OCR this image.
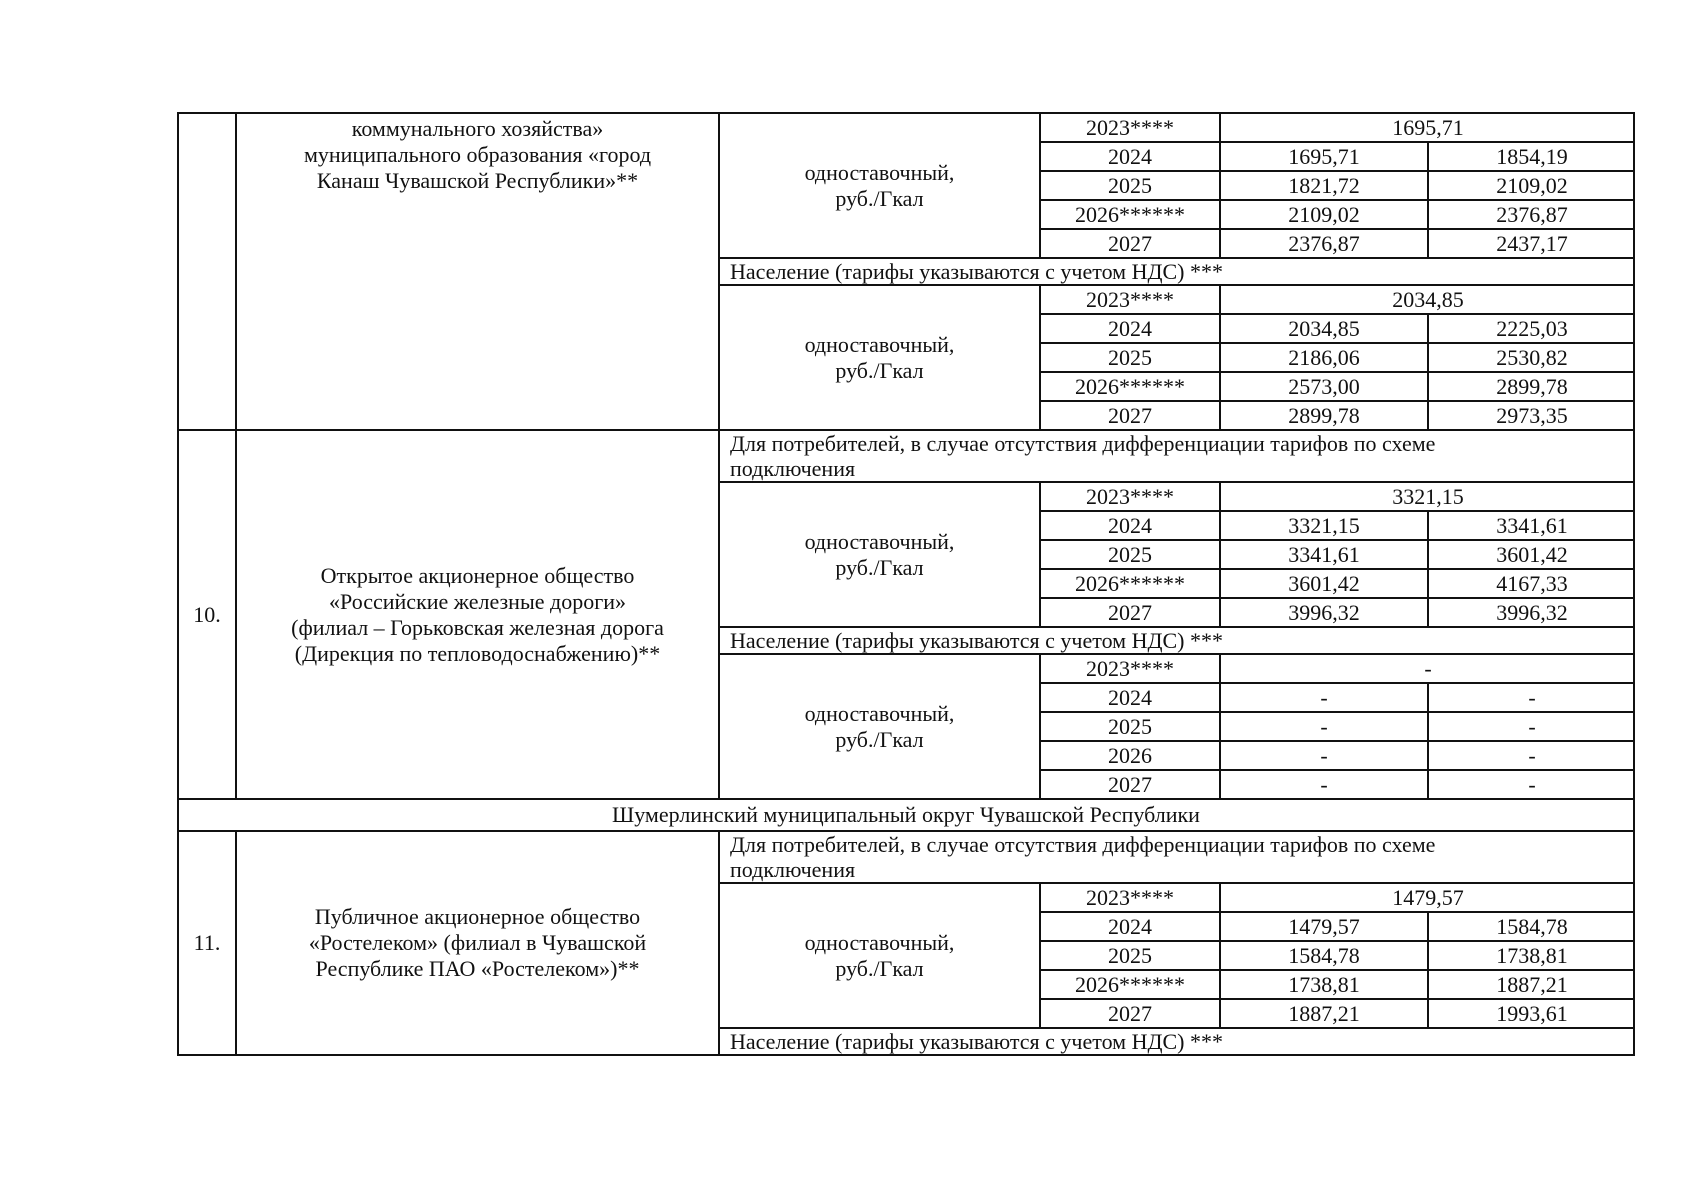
коммунального хозяйства»
муниципального образования «город
Канаш Чувашской Республики»**
		одноставочный,
руб./Гкал
	2023****	1695,71
2024	1695,71	1854,19
2025	1821,72	2109,02
2026******	2109,02	2376,87
2027	2376,87	2437,17
Население (тарифы указываются с учетом НДС) ***
одноставочный,
руб./Гкал
	2023****	2034,85
2024	2034,85	2225,03
2025	2186,06	2530,82
2026******	2573,00	2899,78
2027	2899,78	2973,35

10.	
Открытое акционерное общество
«Российские железные дороги»
(филиал – Горьковская железная дорога
(Дирекция по тепловодоснабжению)**

Для потребителей, в случае отсутствия дифференциации тарифов по схеме
подключения
одноставочный,
руб./Гкал
	2023****	3321,15
2024	3321,15	3341,61
2025	3341,61	3601,42
2026******	3601,42	4167,33
2027	3996,32	3996,32
Население (тарифы указываются с учетом НДС) ***
одноставочный,
руб./Гкал
	2023****	-
2024	-	-
2025	-	-
2026	-	-
2027	-	-

Шумерлинский муниципальный округ Чувашской Республики
11.	
Публичное акционерное общество
«Ростелеком» (филиал в Чувашской
Республике ПАО «Ростелеком»)**

Для потребителей, в случае отсутствия дифференциации тарифов по схеме
подключения
одноставочный,
руб./Гкал
	2023****	1479,57
2024	1479,57	1584,78
2025	1584,78	1738,81
2026******	1738,81	1887,21
2027	1887,21	1993,61
Население (тарифы указываются с учетом НДС) ***
